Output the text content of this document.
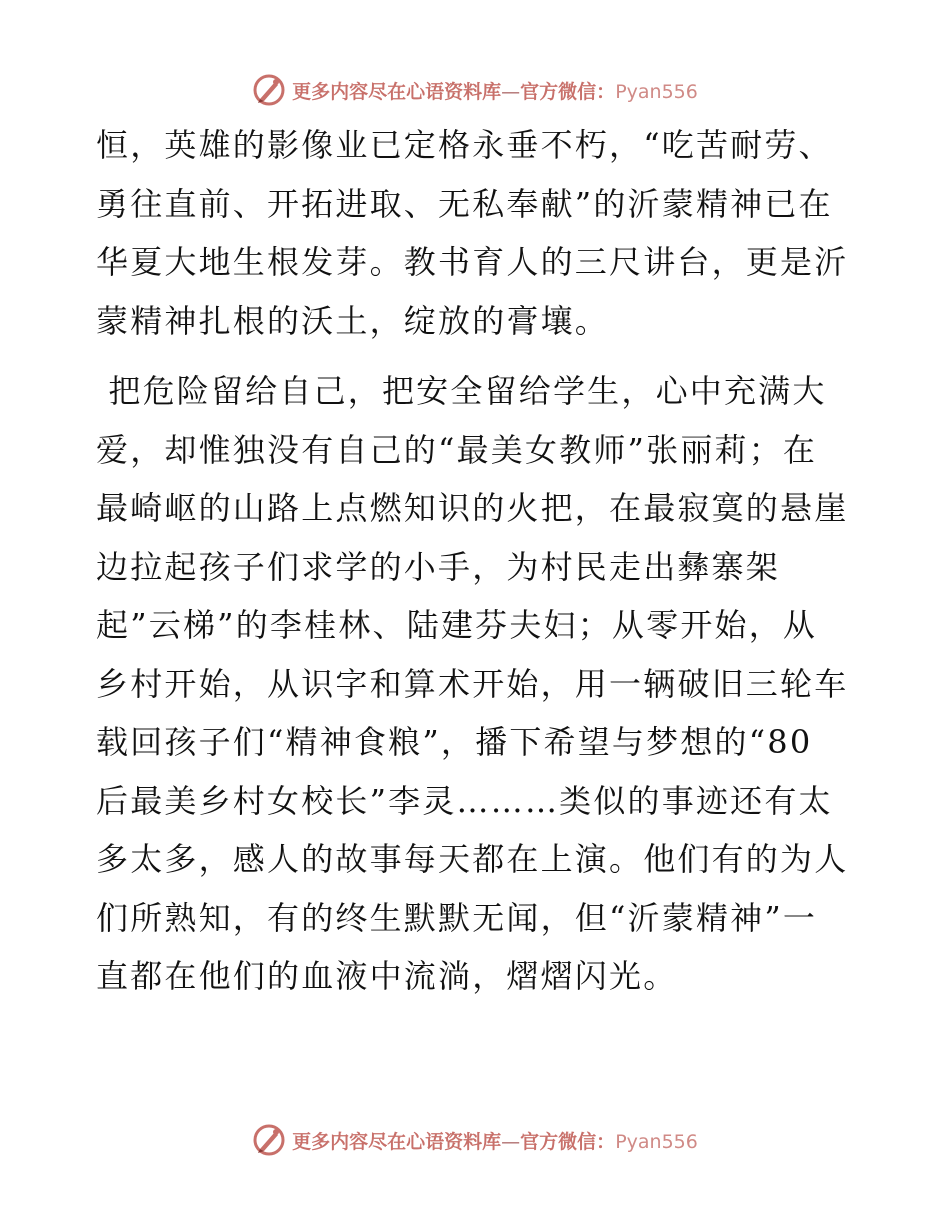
更多内容尽在心语资料库—官方微信：Pyan556

恒，英雄的影像业已定格永垂不朽，“吃苦耐劳、
勇往直前、开拓进取、无私奉献”的沂蒙精神已在
华夏大地生根发芽。教书育人的三尺讲台，更是沂
蒙精神扎根的沃土，绽放的膏壤。

把危险留给自己，把安全留给学生，心中充满大
爱，却惟独没有自己的“最美女教师”张丽莉；在
最崎岖的山路上点燃知识的火把，在最寂寞的悬崖
边拉起孩子们求学的小手，为村民走出彝寨架
起”云梯”的李桂林、陆建芬夫妇；从零开始，从
乡村开始，从识字和算术开始，用一辆破旧三轮车
载回孩子们“精神食粮”，播下希望与梦想的“80
后最美乡村女校长”李灵………类似的事迹还有太
多太多，感人的故事每天都在上演。他们有的为人
们所熟知，有的终生默默无闻，但“沂蒙精神”一
直都在他们的血液中流淌，熠熠闪光。

更多内容尽在心语资料库—官方微信：Pyan556
